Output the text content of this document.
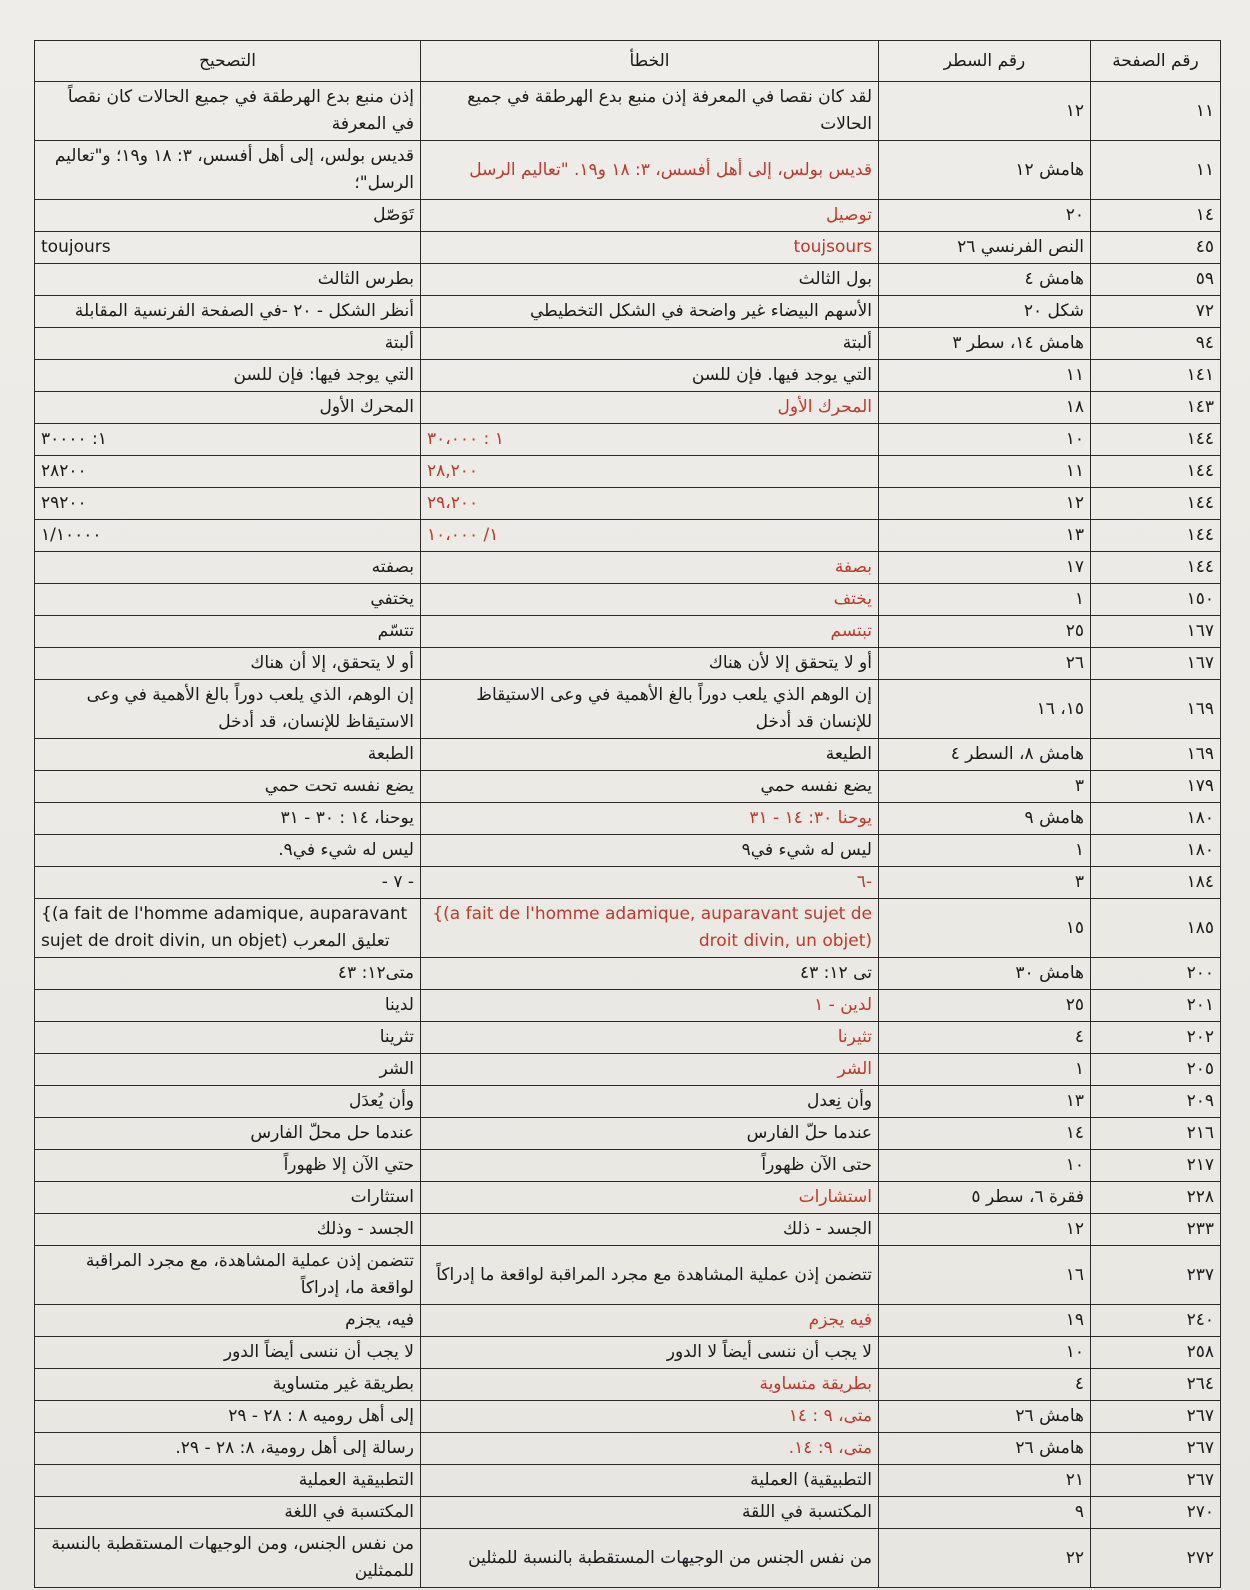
رقم الصفحة	رقم السطر	الخطأ	التصحيح
١١	١٢	لقد كان نقصا في المعرفة إذن منبع بدع الهرطقة في جميع الحالات	إذن منبع بدع الهرطقة في جميع الحالات كان نقصاً في المعرفة
١١	هامش ١٢	قديس بولس، إلى أهل أفسس، ٣: ١٨ و١٩. "تعاليم الرسل	قديس بولس، إلى أهل أفسس، ٣: ١٨ و١٩؛ و"تعاليم الرسل"؛
١٤	٢٠	توصيل	تَوَصّل
٤٥	النص الفرنسي ٢٦	toujsours	toujours
٥٩	هامش ٤	بول الثالث	بطرس الثالث
٧٢	شكل ٢٠	الأسهم البيضاء غير واضحة في الشكل التخطيطي	أنظر الشكل - ٢٠ -في الصفحة الفرنسية المقابلة
٩٤	هامش ١٤، سطر ٣	ألبتة	ألبتة
١٤١	١١	التي يوجد فيها. فإن للسن	التي يوجد فيها: فإن للسن
١٤٣	١٨	المحرك الأول	المحرك الأول
١٤٤	١٠	١ : ٣٠،٠٠٠	١: ٣٠٠٠٠
١٤٤	١١	٢٨,٢٠٠	٢٨٢٠٠
١٤٤	١٢	٢٩،٢٠٠	٢٩٢٠٠
١٤٤	١٣	١/ ١٠،٠٠٠	١/١٠٠٠٠
١٤٤	١٧	بصفة	بصفته
١٥٠	١	يختف	يختفي
١٦٧	٢٥	تبتسم	تتسّم
١٦٧	٢٦	أو لا يتحقق إلا لأن هناك	أو لا يتحقق، إلا أن هناك
١٦٩	١٥، ١٦	إن الوهم الذي يلعب دوراً بالغ الأهمية في وعى الاستيقاظ للإنسان قد أدخل	إن الوهم، الذي يلعب دوراً بالغ الأهمية في وعى الاستيقاظ للإنسان، قد أدخل
١٦٩	هامش ٨، السطر ٤	الطيعة	الطبعة
١٧٩	٣	يضع نفسه حمي	يضع نفسه تحت حمي
١٨٠	هامش ٩	يوحنا ٣٠: ١٤ - ٣١	يوحنا، ١٤ : ٣٠ - ٣١
١٨٠	١	ليس له شيء في٩	ليس له شيء في٩.
١٨٤	٣	-٦	- ٧ -
١٨٥	١٥	{(a fait de l'homme adamique, auparavant sujet de droit divin, un objet)	{(a fait de l'homme adamique, auparavant sujet de droit divin, un objet) تعليق المعرب
٢٠٠	هامش ٣٠	تى ١٢: ٤٣	متى١٢: ٤٣
٢٠١	٢٥	لدين - ١	لدينا
٢٠٢	٤	تثيرنا	تثرينا
٢٠٥	١	الشر	الشر
٢٠٩	١٣	وأن نِعدل	وأن يُعدَل
٢١٦	١٤	عندما حلّ الفارس	عندما حل محلّ الفارس
٢١٧	١٠	حتى الآن ظهوراً	حتي الآن إلا ظهوراً
٢٢٨	فقرة ٦، سطر ٥	استشارات	استثارات
٢٣٣	١٢	الجسد - ذلك	الجسد - وذلك
٢٣٧	١٦	تتضمن إذن عملية المشاهدة مع مجرد المراقبة لواقعة ما إدراكاً	تتضمن إذن عملية المشاهدة، مع مجرد المراقبة لواقعة ما، إدراكاً
٢٤٠	١٩	فيه يجزم	فيه، يجزم
٢٥٨	١٠	لا يجب أن ننسى أيضاً لا الدور	لا يجب أن ننسى أيضاً الدور
٢٦٤	٤	بطريقة متساوية	بطريقة غير متساوية
٢٦٧	هامش ٢٦	متى، ٩ : ١٤	إلى أهل روميه ٨ : ٢٨ - ٢٩
٢٦٧	هامش ٢٦	متى، ٩: ١٤.	رسالة إلى أهل رومية، ٨: ٢٨ - ٢٩.
٢٦٧	٢١	التطبيقية) العملية	التطبيقية العملية
٢٧٠	٩	المكتسبة في اللقة	المكتسبة في اللغة
٢٧٢	٢٢	من نفس الجنس من الوجيهات المستقطبة بالنسبة للمثلين	من نفس الجنس، ومن الوجيهات المستقطبة بالنسبة للممثلين
